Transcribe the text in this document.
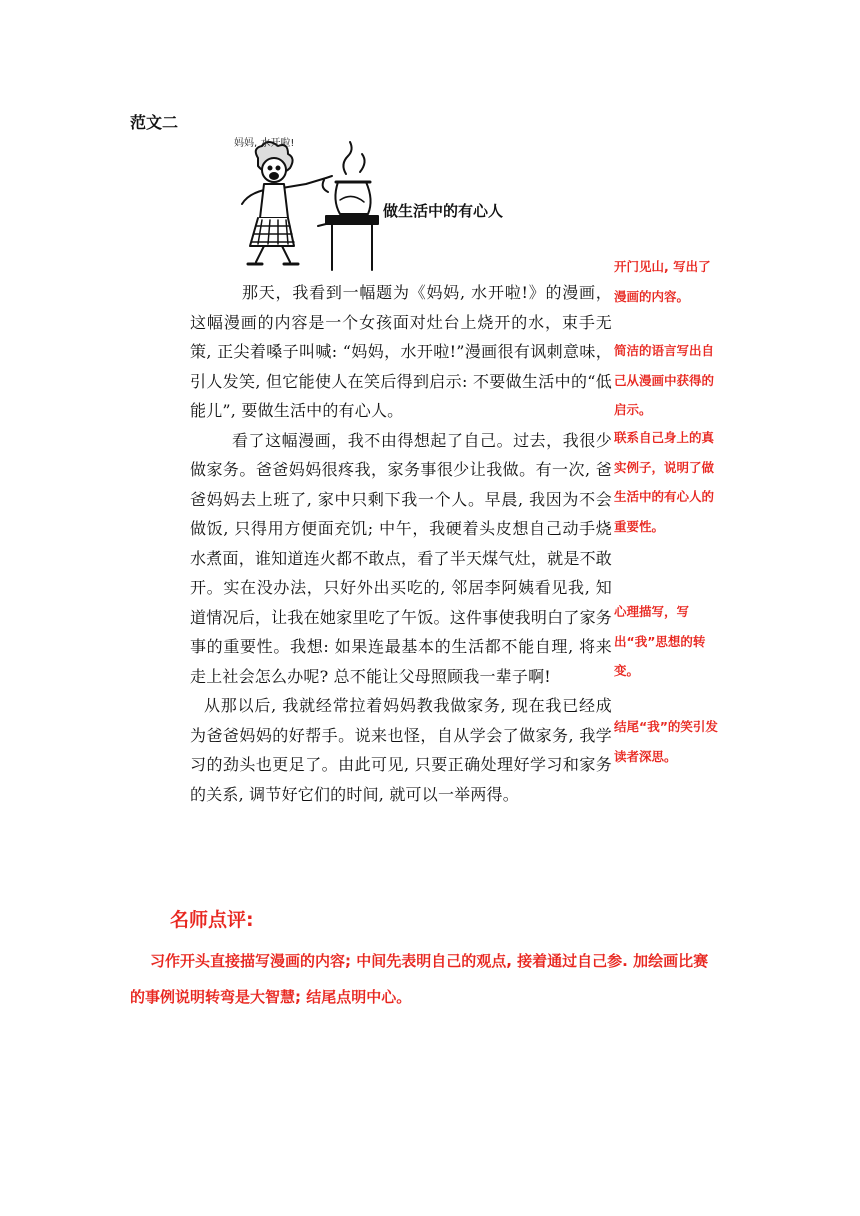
范文二
妈妈, 水开啦!
做生活中的有心人

那天，我看到一幅题为《妈妈, 水开啦!》的漫画，这幅漫画的内容是一个女孩面对灶台上烧开的水，束手无策, 正尖着嗓子叫喊: “妈妈，水开啦!”漫画很有讽刺意味，引人发笑, 但它能使人在笑后得到启示: 不要做生活中的“低能儿”, 要做生活中的有心人。

看了这幅漫画，我不由得想起了自己。过去，我很少做家务。爸爸妈妈很疼我，家务事很少让我做。有一次, 爸爸妈妈去上班了, 家中只剩下我一个人。早晨, 我因为不会做饭, 只得用方便面充饥; 中午，我硬着头皮想自己动手烧水煮面，谁知道连火都不敢点，看了半天煤气灶，就是不敢开。实在没办法，只好外出买吃的, 邻居李阿姨看见我, 知道情况后，让我在她家里吃了午饭。这件事使我明白了家务事的重要性。我想: 如果连最基本的生活都不能自理, 将来走上社会怎么办呢? 总不能让父母照顾我一辈子啊!

从那以后, 我就经常拉着妈妈教我做家务, 现在我已经成为爸爸妈妈的好帮手。说来也怪，自从学会了做家务, 我学习的劲头也更足了。由此可见, 只要正确处理好学习和家务的关系, 调节好它们的时间, 就可以一举两得。

开门见山, 写出了漫画的内容。

简洁的语言写出自己从漫画中获得的启示。

联系自己身上的真实例子，说明了做生活中的有心人的重要性。

心理描写，写出“我”思想的转变。

结尾“我”的笑引发读者深思。

名师点评:

习作开头直接描写漫画的内容; 中间先表明自己的观点, 接着通过自己参. 加绘画比赛的事例说明转弯是大智慧; 结尾点明中心。
